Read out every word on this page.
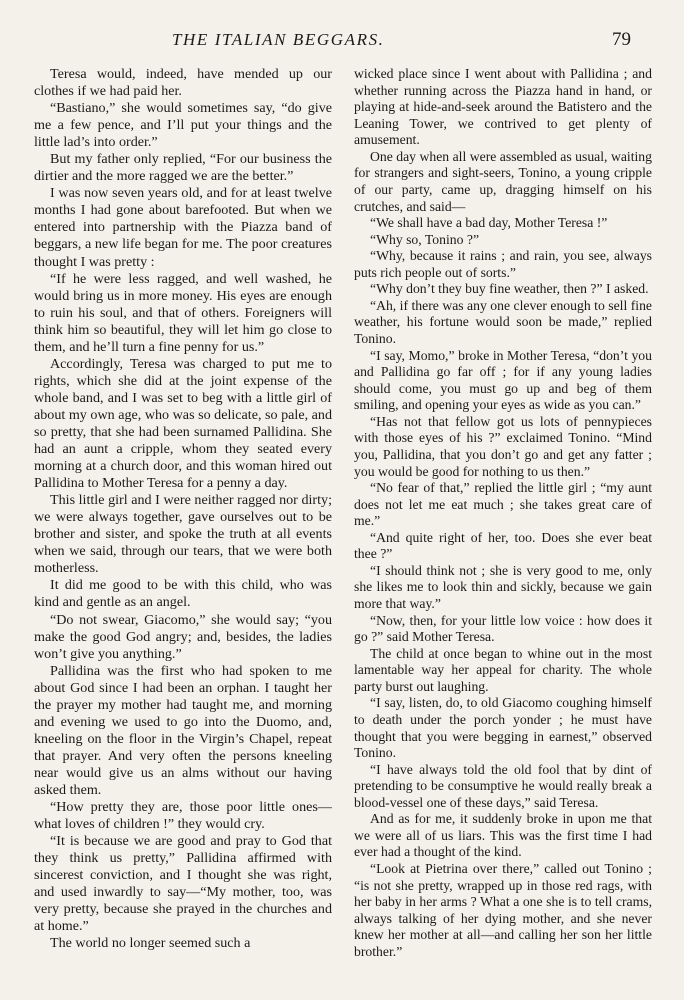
THE ITALIAN BEGGARS.	79

Teresa would, indeed, have mended up our clothes if we had paid her.

“Bastiano,” she would sometimes say, “do give me a few pence, and I’ll put your things and the little lad’s into order.”

But my father only replied, “For our business the dirtier and the more ragged we are the better.”

I was now seven years old, and for at least twelve months I had gone about barefooted. But when we entered into partnership with the Piazza band of beggars, a new life began for me. The poor creatures thought I was pretty :

“If he were less ragged, and well washed, he would bring us in more money. His eyes are enough to ruin his soul, and that of others. Foreigners will think him so beautiful, they will let him go close to them, and he’ll turn a fine penny for us.”

Accordingly, Teresa was charged to put me to rights, which she did at the joint expense of the whole band, and I was set to beg with a little girl of about my own age, who was so delicate, so pale, and so pretty, that she had been surnamed Pallidina. She had an aunt a cripple, whom they seated every morning at a church door, and this woman hired out Pallidina to Mother Teresa for a penny a day.

This little girl and I were neither ragged nor dirty; we were always together, gave ourselves out to be brother and sister, and spoke the truth at all events when we said, through our tears, that we were both motherless.

It did me good to be with this child, who was kind and gentle as an angel.

“Do not swear, Giacomo,” she would say; “you make the good God angry; and, besides, the ladies won’t give you anything.”

Pallidina was the first who had spoken to me about God since I had been an orphan. I taught her the prayer my mother had taught me, and morning and evening we used to go into the Duomo, and, kneeling on the floor in the Virgin’s Chapel, repeat that prayer. And very often the persons kneeling near would give us an alms without our having asked them.

“How pretty they are, those poor little ones—what loves of children !” they would cry.

“It is because we are good and pray to God that they think us pretty,” Pallidina affirmed with sincerest conviction, and I thought she was right, and used inwardly to say—“My mother, too, was very pretty, because she prayed in the churches and at home.”

The world no longer seemed such a

wicked place since I went about with Pallidina ; and whether running across the Piazza hand in hand, or playing at hide-and-seek around the Batistero and the Leaning Tower, we contrived to get plenty of amusement.

One day when all were assembled as usual, waiting for strangers and sight-seers, Tonino, a young cripple of our party, came up, dragging himself on his crutches, and said—

“We shall have a bad day, Mother Teresa !”

“Why so, Tonino ?”

“Why, because it rains ; and rain, you see, always puts rich people out of sorts.”

“Why don’t they buy fine weather, then ?” I asked.

“Ah, if there was any one clever enough to sell fine weather, his fortune would soon be made,” replied Tonino.

“I say, Momo,” broke in Mother Teresa, “don’t you and Pallidina go far off ; for if any young ladies should come, you must go up and beg of them smiling, and opening your eyes as wide as you can.”

“Has not that fellow got us lots of pennypieces with those eyes of his ?” exclaimed Tonino. “Mind you, Pallidina, that you don’t go and get any fatter ; you would be good for nothing to us then.”

“No fear of that,” replied the little girl ; “my aunt does not let me eat much ; she takes great care of me.”

“And quite right of her, too. Does she ever beat thee ?”

“I should think not ; she is very good to me, only she likes me to look thin and sickly, because we gain more that way.”

“Now, then, for your little low voice : how does it go ?” said Mother Teresa.

The child at once began to whine out in the most lamentable way her appeal for charity. The whole party burst out laughing.

“I say, listen, do, to old Giacomo coughing himself to death under the porch yonder ; he must have thought that you were begging in earnest,” observed Tonino.

“I have always told the old fool that by dint of pretending to be consumptive he would really break a blood-vessel one of these days,” said Teresa.

And as for me, it suddenly broke in upon me that we were all of us liars. This was the first time I had ever had a thought of the kind.

“Look at Pietrina over there,” called out Tonino ; “is not she pretty, wrapped up in those red rags, with her baby in her arms ? What a one she is to tell crams, always talking of her dying mother, and she never knew her mother at all—and calling her son her little brother.”
